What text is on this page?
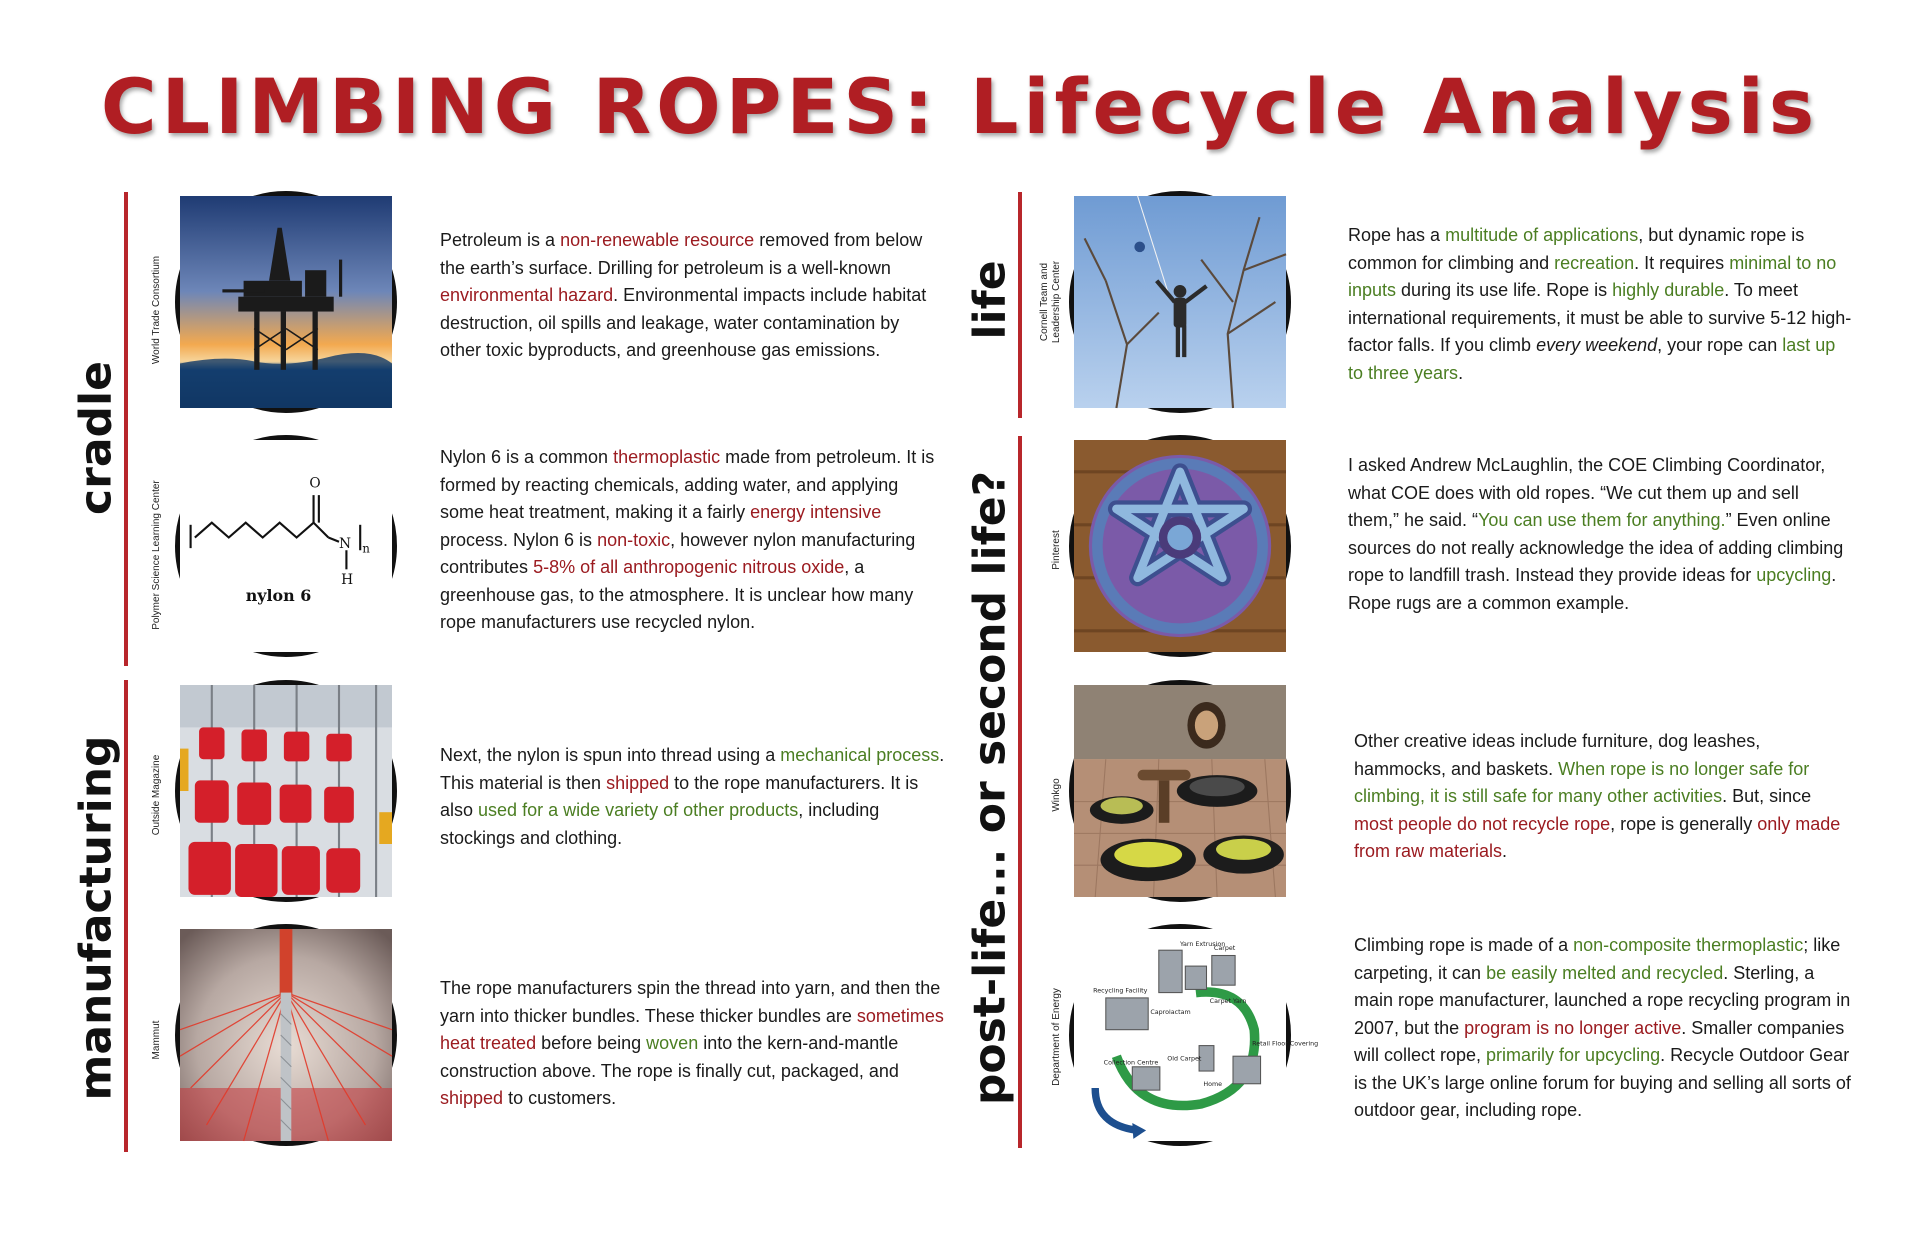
CLIMBING ROPES: Lifecycle Analysis
cradle
manufacturing
life
post-life... or second life?
World Trade Consortium
Polymer Science Learning Center
Outside Magazine
Mammut
Cornell Team and Leadership Center
Pinterest
Winkgo
Department of Energy
O
N n
H
nylon 6
Yarn Extrusion
Carpet
Recycling Facility
Caprolactam
Carpet Yarn
Old Carpet
Collection Centre
Home
Retail Floor Covering

Petroleum is a non-renewable resource removed from below the earth’s surface. Drilling for petroleum is a well-known environmental hazard. Environmental impacts include habitat destruction, oil spills and leakage, water contamination by other toxic byproducts, and greenhouse gas emissions.

Nylon 6 is a common thermoplastic made from petroleum. It is formed by reacting chemicals, adding water, and applying some heat treatment, making it a fairly energy intensive process. Nylon 6 is non-toxic, however nylon manufacturing contributes 5-8% of all anthropogenic nitrous oxide, a greenhouse gas, to the atmosphere. It is unclear how many rope manufacturers use recycled nylon.

Next, the nylon is spun into thread using a mechanical process. This material is then shipped to the rope manufacturers. It is also used for a wide variety of other products, including stockings and clothing.

The rope manufacturers spin the thread into yarn, and then the yarn into thicker bundles. These thicker bundles are sometimes heat treated before being woven into the kern-and-mantle construction above. The rope is finally cut, packaged, and shipped to customers.

Rope has a multitude of applications, but dynamic rope is common for climbing and recreation. It requires minimal to no inputs during its use life. Rope is highly durable. To meet international requirements, it must be able to survive 5-12 high-factor falls. If you climb every weekend, your rope can last up to three years.

I asked Andrew McLaughlin, the COE Climbing Coordinator, what COE does with old ropes. “We cut them up and sell them,” he said. “You can use them for anything.” Even online sources do not really acknowledge the idea of adding climbing rope to landfill trash. Instead they provide ideas for upcycling. Rope rugs are a common example.

Other creative ideas include furniture, dog leashes, hammocks, and baskets. When rope is no longer safe for climbing, it is still safe for many other activities. But, since most people do not recycle rope, rope is generally only made from raw materials.

Climbing rope is made of a non-composite thermoplastic; like carpeting, it can be easily melted and recycled. Sterling, a main rope manufacturer, launched a rope recycling program in 2007, but the program is no longer active. Smaller companies will collect rope, primarily for upcycling. Recycle Outdoor Gear is the UK’s large online forum for buying and selling all sorts of outdoor gear, including rope.
